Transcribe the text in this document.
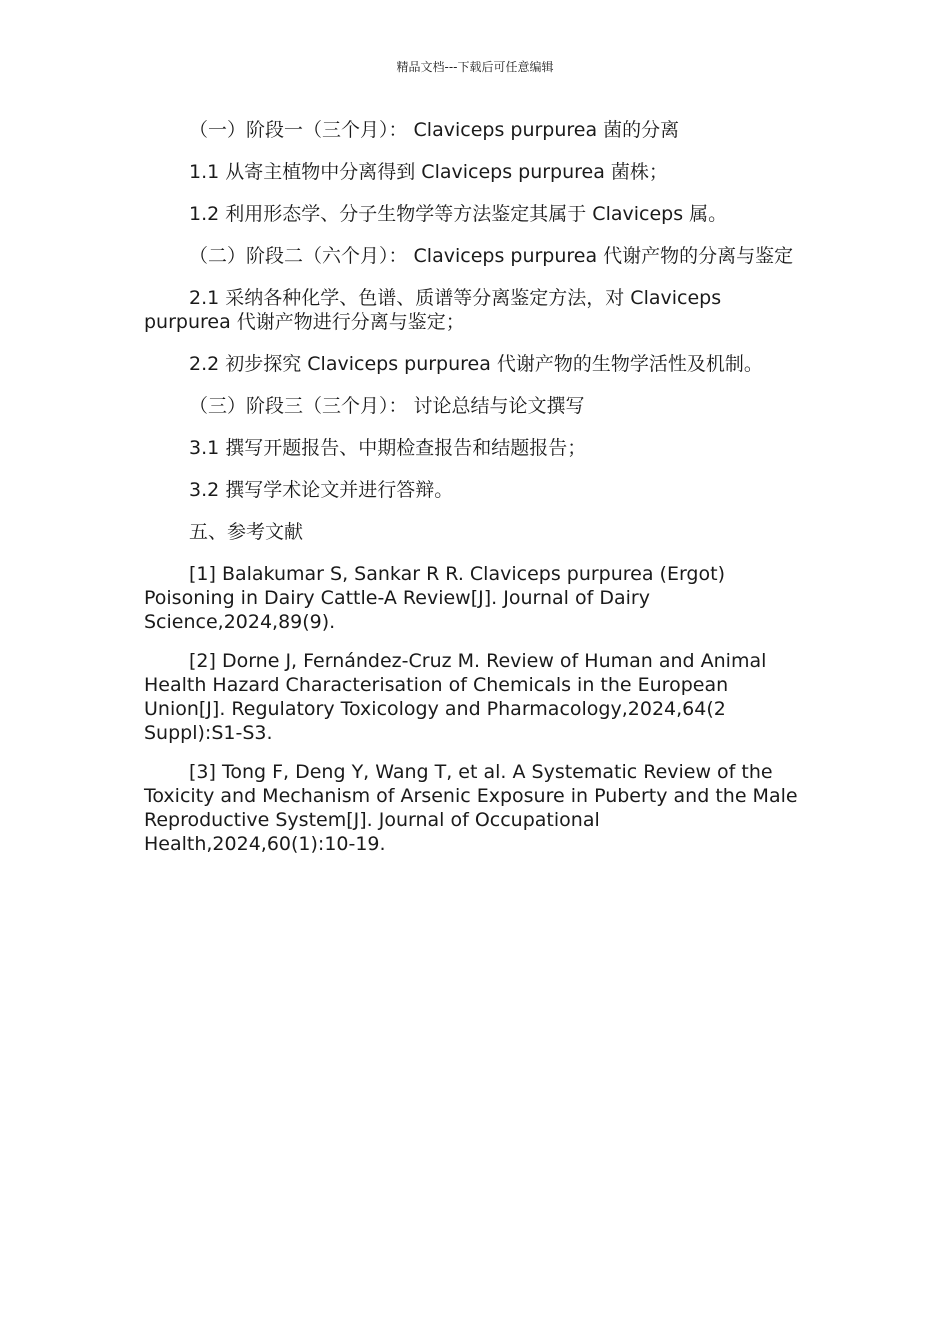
精品文档---下载后可任意编辑

（一）阶段一（三个月）： Claviceps purpurea 菌的分离

1.1 从寄主植物中分离得到 Claviceps purpurea 菌株；

1.2 利用形态学、分子生物学等方法鉴定其属于 Claviceps 属。

（二）阶段二（六个月）： Claviceps purpurea 代谢产物的分离与鉴定

2.1 采纳各种化学、色谱、质谱等分离鉴定方法，对 Claviceps purpurea 代谢产物进行分离与鉴定；

2.2 初步探究 Claviceps purpurea 代谢产物的生物学活性及机制。

（三）阶段三（三个月）： 讨论总结与论文撰写

3.1 撰写开题报告、中期检查报告和结题报告；

3.2 撰写学术论文并进行答辩。

五、参考文献

[1] Balakumar S, Sankar R R. Claviceps purpurea (Ergot) Poisoning in Dairy Cattle-A Review[J]. Journal of Dairy Science,2024,89(9).

[2] Dorne J, Fernández-Cruz M. Review of Human and Animal Health Hazard Characterisation of Chemicals in the European Union[J]. Regulatory Toxicology and Pharmacology,2024,64(2 Suppl):S1-S3.

[3] Tong F, Deng Y, Wang T, et al. A Systematic Review of the Toxicity and Mechanism of Arsenic Exposure in Puberty and the Male Reproductive System[J]. Journal of Occupational Health,2024,60(1):10-19.
